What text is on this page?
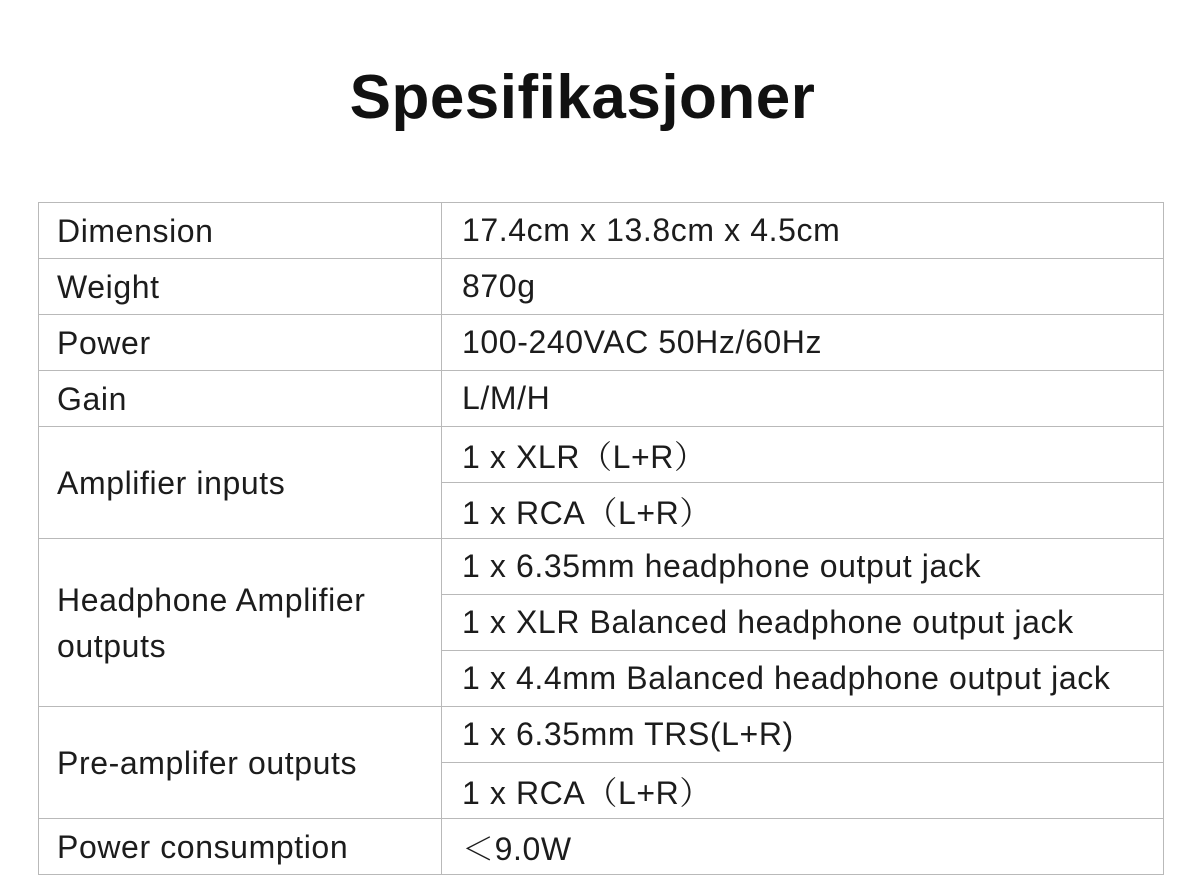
Spesifikasjoner
Dimension	17.4cm x 13.8cm x 4.5cm
Weight	870g
Power	100-240VAC 50Hz/60Hz
Gain	L/M/H
Amplifier inputs	1 x XLR（L+R）
	1 x RCA（L+R）
Headphone Amplifier outputs	1 x 6.35mm headphone output jack
	1 x XLR Balanced headphone output jack
	1 x 4.4mm Balanced headphone output jack
Pre-amplifer outputs	1 x 6.35mm TRS(L+R)
	1 x RCA（L+R）
Power consumption	＜9.0W
